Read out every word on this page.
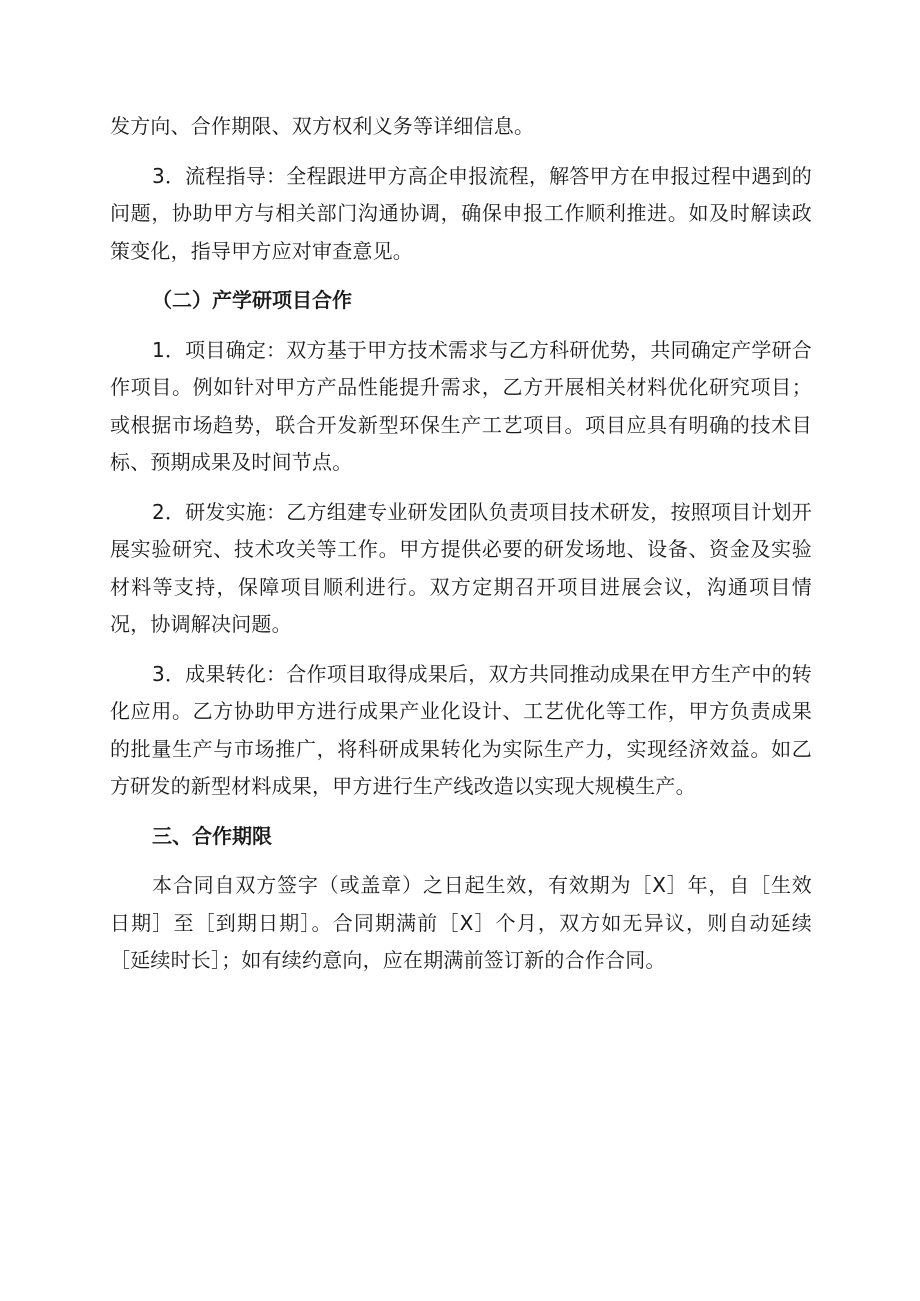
发方向、合作期限、双方权利义务等详细信息。

3．流程指导：全程跟进甲方高企申报流程，解答甲方在申报过程中遇到的问题，协助甲方与相关部门沟通协调，确保申报工作顺利推进。如及时解读政策变化，指导甲方应对审查意见。

（二）产学研项目合作

1．项目确定：双方基于甲方技术需求与乙方科研优势，共同确定产学研合作项目。例如针对甲方产品性能提升需求，乙方开展相关材料优化研究项目；或根据市场趋势，联合开发新型环保生产工艺项目。项目应具有明确的技术目标、预期成果及时间节点。

2．研发实施：乙方组建专业研发团队负责项目技术研发，按照项目计划开展实验研究、技术攻关等工作。甲方提供必要的研发场地、设备、资金及实验材料等支持，保障项目顺利进行。双方定期召开项目进展会议，沟通项目情况，协调解决问题。

3．成果转化：合作项目取得成果后，双方共同推动成果在甲方生产中的转化应用。乙方协助甲方进行成果产业化设计、工艺优化等工作，甲方负责成果的批量生产与市场推广，将科研成果转化为实际生产力，实现经济效益。如乙方研发的新型材料成果，甲方进行生产线改造以实现大规模生产。

三、合作期限

本合同自双方签字（或盖章）之日起生效，有效期为［X］年，自［生效日期］至［到期日期］。合同期满前［X］个月，双方如无异议，则自动延续［延续时长］；如有续约意向，应在期满前签订新的合作合同。
